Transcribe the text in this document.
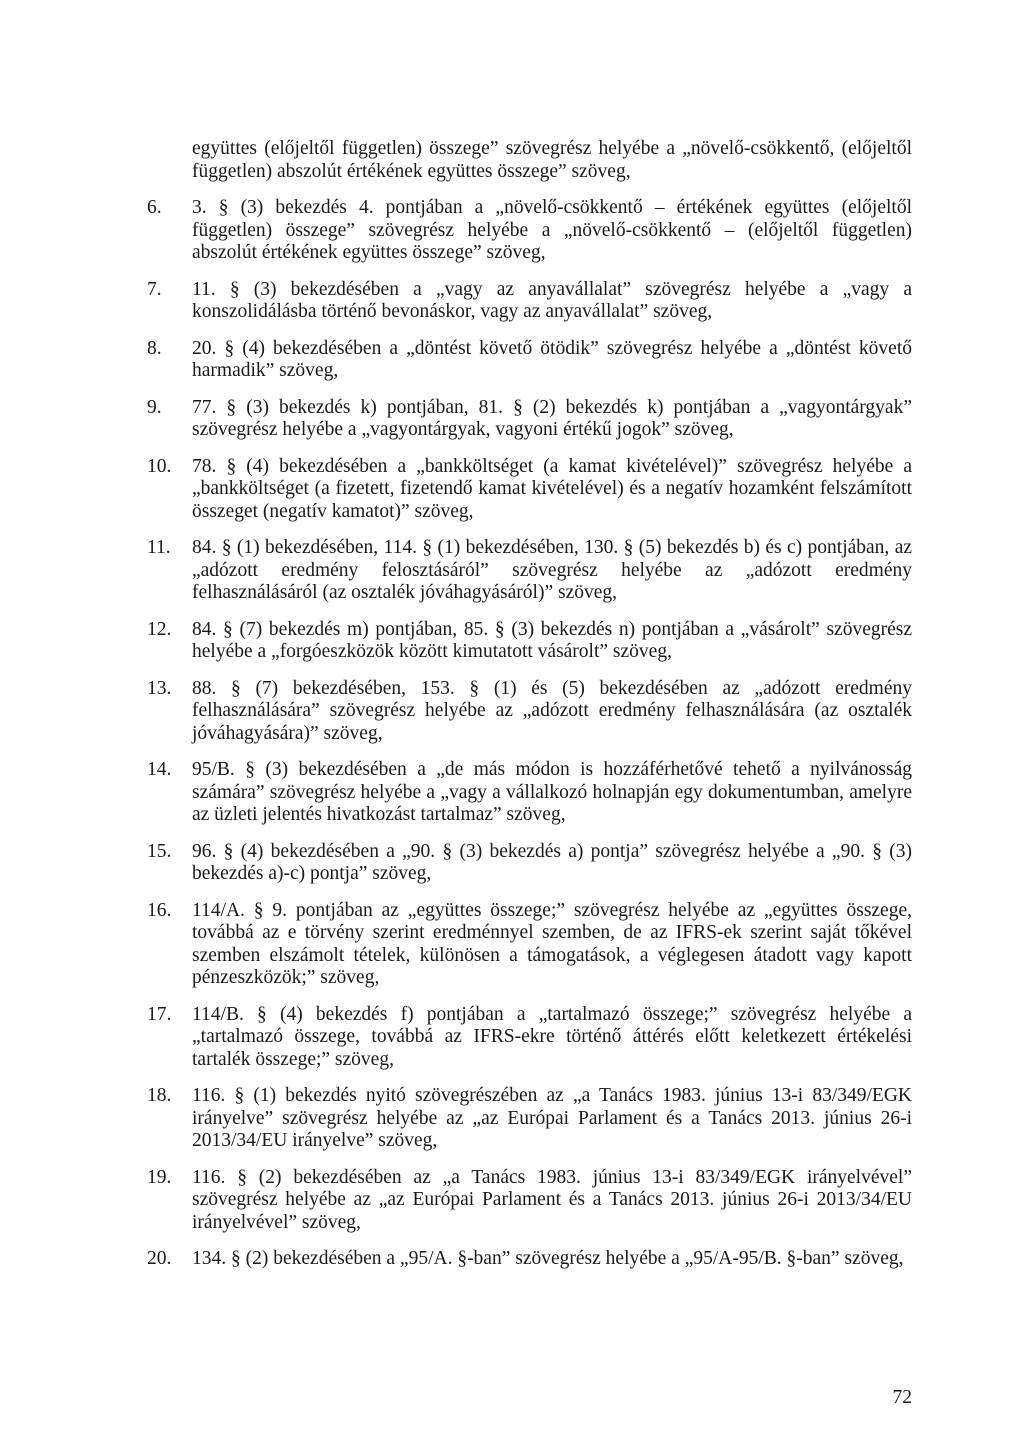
együttes (előjeltől független) összege” szövegrész helyébe a „növelő-csökkentő, (előjeltől független) abszolút értékének együttes összege” szöveg,

6.	3. § (3) bekezdés 4. pontjában a „növelő-csökkentő – értékének együttes (előjeltől független) összege” szövegrész helyébe a „növelő-csökkentő – (előjeltől független) abszolút értékének együttes összege” szöveg,
7.	11. § (3) bekezdésében a „vagy az anyavállalat” szövegrész helyébe a „vagy a konszolidálásba történő bevonáskor, vagy az anyavállalat” szöveg,
8.	20. § (4) bekezdésében a „döntést követő ötödik” szövegrész helyébe a „döntést követő harmadik” szöveg,
9.	77. § (3) bekezdés k) pontjában, 81. § (2) bekezdés k) pontjában a „vagyontárgyak” szövegrész helyébe a „vagyontárgyak, vagyoni értékű jogok” szöveg,
10.	78. § (4) bekezdésében a „bankköltséget (a kamat kivételével)” szövegrész helyébe a „bankköltséget (a fizetett, fizetendő kamat kivételével) és a negatív hozamként felszámított összeget (negatív kamatot)” szöveg,
11.	84. § (1) bekezdésében, 114. § (1) bekezdésében, 130. § (5) bekezdés b) és c) pontjában, az „adózott eredmény felosztásáról” szövegrész helyébe az „adózott eredmény felhasználásáról (az osztalék jóváhagyásáról)” szöveg,
12.	84. § (7) bekezdés m) pontjában, 85. § (3) bekezdés n) pontjában a „vásárolt” szövegrész helyébe a „forgóeszközök között kimutatott vásárolt” szöveg,
13.	88. § (7) bekezdésében, 153. § (1) és (5) bekezdésében az „adózott eredmény felhasználására” szövegrész helyébe az „adózott eredmény felhasználására (az osztalék jóváhagyására)” szöveg,
14.	95/B. § (3) bekezdésében a „de más módon is hozzáférhetővé tehető a nyilvánosság számára” szövegrész helyébe a „vagy a vállalkozó holnapján egy dokumentumban, amelyre az üzleti jelentés hivatkozást tartalmaz” szöveg,
15.	96. § (4) bekezdésében a „90. § (3) bekezdés a) pontja” szövegrész helyébe a „90. § (3) bekezdés a)-c) pontja” szöveg,
16.	114/A. § 9. pontjában az „együttes összege;” szövegrész helyébe az „együttes összege, továbbá az e törvény szerint eredménnyel szemben, de az IFRS-ek szerint saját tőkével szemben elszámolt tételek, különösen a támogatások, a véglegesen átadott vagy kapott pénzeszközök;” szöveg,
17.	114/B. § (4) bekezdés f) pontjában a „tartalmazó összege;” szövegrész helyébe a „tartalmazó összege, továbbá az IFRS-ekre történő áttérés előtt keletkezett értékelési tartalék összege;” szöveg,
18.	116. § (1) bekezdés nyitó szövegrészében az „a Tanács 1983. június 13-i 83/349/EGK irányelve” szövegrész helyébe az „az Európai Parlament és a Tanács 2013. június 26-i 2013/34/EU irányelve” szöveg,
19.	116. § (2) bekezdésében az „a Tanács 1983. június 13-i 83/349/EGK irányelvével” szövegrész helyébe az „az Európai Parlament és a Tanács 2013. június 26-i 2013/34/EU irányelvével” szöveg,
20.	134. § (2) bekezdésében a „95/A. §-ban” szövegrész helyébe a „95/A-95/B. §-ban” szöveg,
72
